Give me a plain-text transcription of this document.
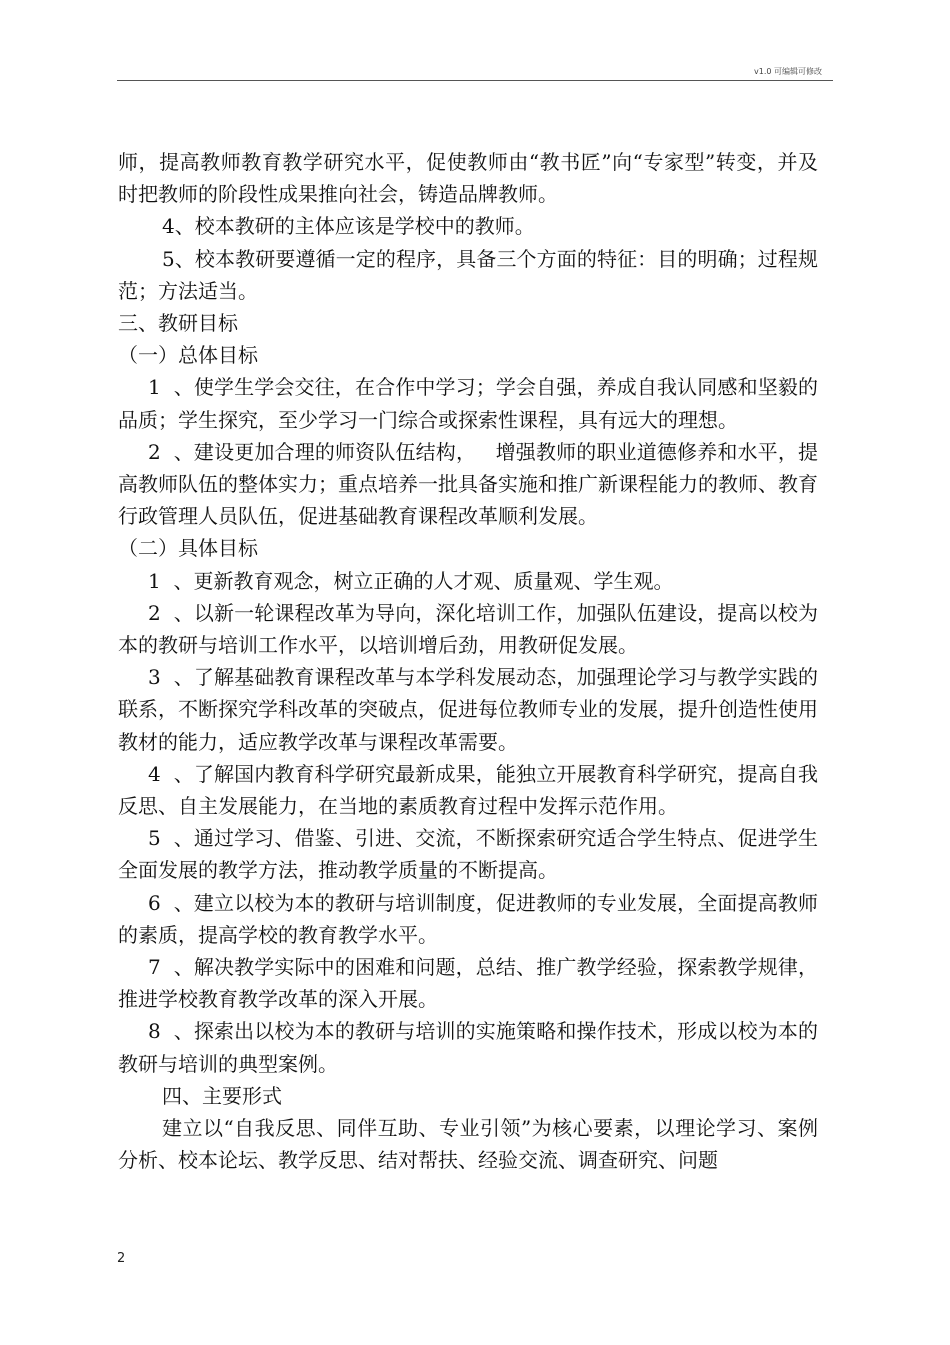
v1.0 可编辑可修改

师，提高教师教育教学研究水平，促使教师由“教书匠”向“专家型”转变，并及时把教师的阶段性成果推向社会，铸造品牌教师。

4、校本教研的主体应该是学校中的教师。

5、校本教研要遵循一定的程序，具备三个方面的特征：目的明确；过程规范；方法适当。

三、教研目标

（一）总体目标

1  、使学生学会交往，在合作中学习；学会自强，养成自我认同感和坚毅的品质；学生探究，至少学习一门综合或探索性课程，具有远大的理想。

2  、建设更加合理的师资队伍结构，   增强教师的职业道德修养和水平，提高教师队伍的整体实力；重点培养一批具备实施和推广新课程能力的教师、教育行政管理人员队伍，促进基础教育课程改革顺利发展。

（二）具体目标

1  、更新教育观念，树立正确的人才观、质量观、学生观。

2  、以新一轮课程改革为导向，深化培训工作，加强队伍建设，提高以校为本的教研与培训工作水平，以培训增后劲，用教研促发展。

3  、了解基础教育课程改革与本学科发展动态，加强理论学习与教学实践的联系，不断探究学科改革的突破点，促进每位教师专业的发展，提升创造性使用教材的能力，适应教学改革与课程改革需要。

4  、了解国内教育科学研究最新成果，能独立开展教育科学研究，提高自我反思、自主发展能力，在当地的素质教育过程中发挥示范作用。

5  、通过学习、借鉴、引进、交流，不断探索研究适合学生特点、促进学生全面发展的教学方法，推动教学质量的不断提高。

6  、建立以校为本的教研与培训制度，促进教师的专业发展，全面提高教师的素质，提高学校的教育教学水平。

7  、解决教学实际中的困难和问题，总结、推广教学经验，探索教学规律，推进学校教育教学改革的深入开展。

8  、探索出以校为本的教研与培训的实施策略和操作技术，形成以校为本的教研与培训的典型案例。

四、主要形式

建立以“自我反思、同伴互助、专业引领”为核心要素，以理论学习、案例分析、校本论坛、教学反思、结对帮扶、经验交流、调查研究、问题

2
